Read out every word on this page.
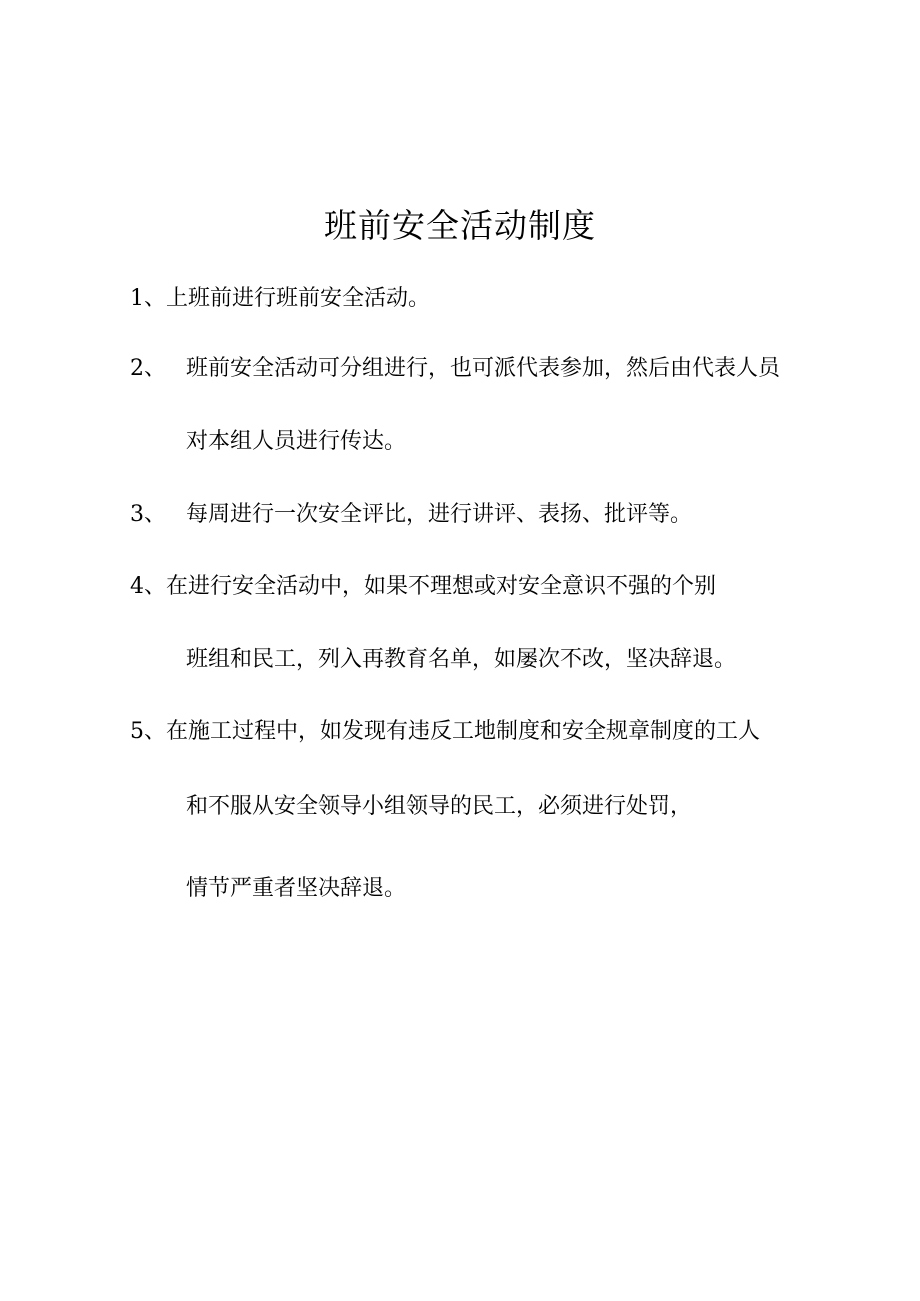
班前安全活动制度
1、上班前进行班前安全活动。
2、 班前安全活动可分组进行，也可派代表参加，然后由代表人员
对本组人员进行传达。
3、 每周进行一次安全评比，进行讲评、表扬、批评等。
4、在进行安全活动中，如果不理想或对安全意识不强的个别
班组和民工，列入再教育名单，如屡次不改，坚决辞退。
5、在施工过程中，如发现有违反工地制度和安全规章制度的工人
和不服从安全领导小组领导的民工，必须进行处罚，
情节严重者坚决辞退。
